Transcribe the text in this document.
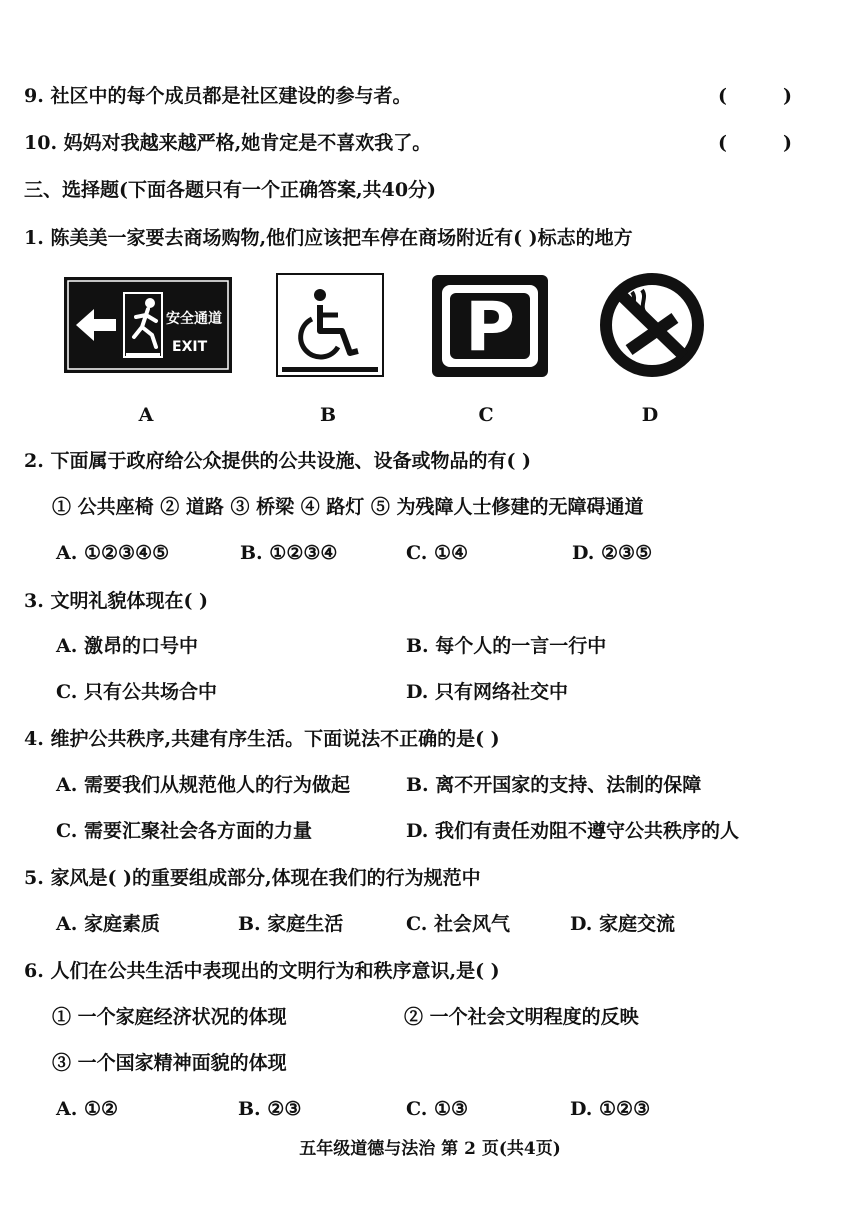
9. 社区中的每个成员都是社区建设的参与者。	(	)
10. 妈妈对我越来越严格,她肯定是不喜欢我了。	(	)
三、选择题(下面各题只有一个正确答案,共40分)
1. 陈美美一家要去商场购物,他们应该把车停在商场附近有( )标志的地方
安全通道
EXIT	P
A	B	C	D
2. 下面属于政府给公众提供的公共设施、设备或物品的有( )
① 公共座椅 ② 道路 ③ 桥梁 ④ 路灯 ⑤ 为残障人士修建的无障碍通道
A. ①②③④⑤	B. ①②③④	C. ①④	D. ②③⑤
3. 文明礼貌体现在( )
A. 激昂的口号中	B. 每个人的一言一行中
C. 只有公共场合中	D. 只有网络社交中
4. 维护公共秩序,共建有序生活。下面说法不正确的是( )
A. 需要我们从规范他人的行为做起	B. 离不开国家的支持、法制的保障
C. 需要汇聚社会各方面的力量	D. 我们有责任劝阻不遵守公共秩序的人
5. 家风是( )的重要组成部分,体现在我们的行为规范中
A. 家庭素质	B. 家庭生活	C. 社会风气	D. 家庭交流
6. 人们在公共生活中表现出的文明行为和秩序意识,是( )
① 一个家庭经济状况的体现	② 一个社会文明程度的反映
③ 一个国家精神面貌的体现
A. ①②	B. ②③	C. ①③	D. ①②③
五年级道德与法治 第 2 页(共4页)
